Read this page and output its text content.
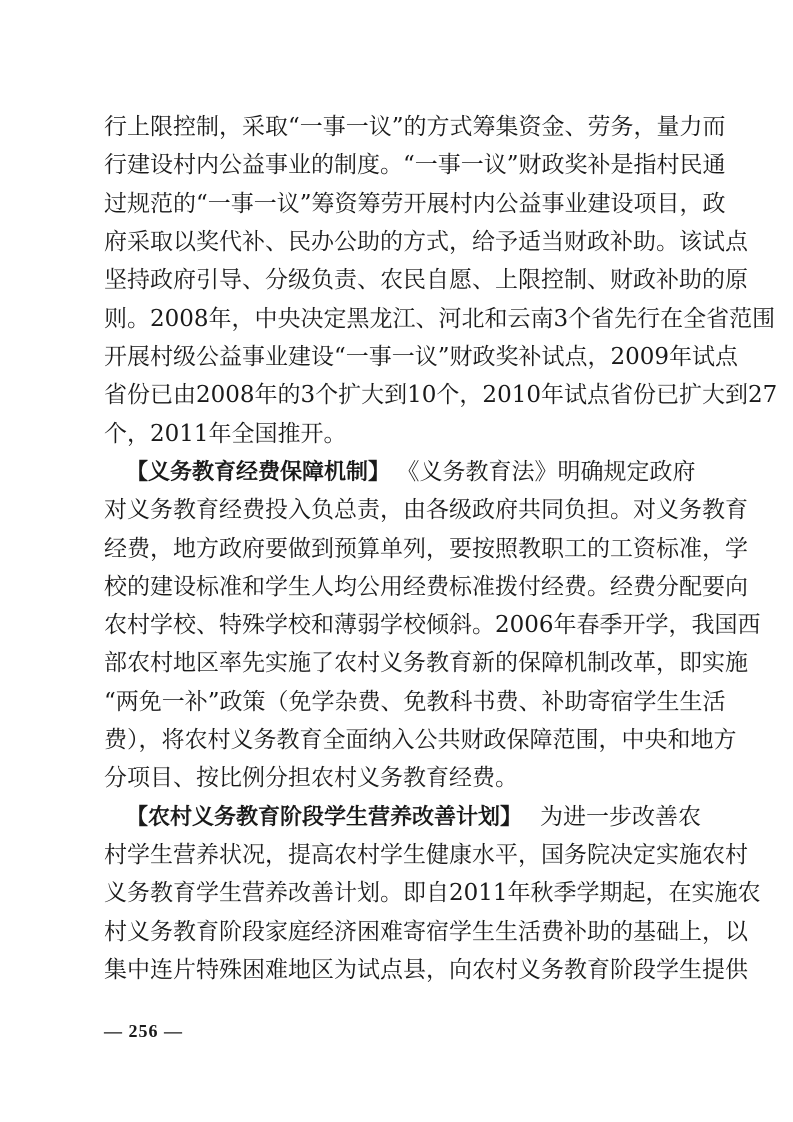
行上限控制，采取“一事一议”的方式筹集资金、劳务，量力而
行建设村内公益事业的制度。“一事一议”财政奖补是指村民通
过规范的“一事一议”筹资筹劳开展村内公益事业建设项目，政
府采取以奖代补、民办公助的方式，给予适当财政补助。该试点
坚持政府引导、分级负责、农民自愿、上限控制、财政补助的原
则。2008年，中央决定黑龙江、河北和云南3个省先行在全省范围
开展村级公益事业建设“一事一议”财政奖补试点，2009年试点
省份已由2008年的3个扩大到10个，2010年试点省份已扩大到27
个，2011年全国推开。
【义务教育经费保障机制】 《义务教育法》明确规定政府
对义务教育经费投入负总责，由各级政府共同负担。对义务教育
经费，地方政府要做到预算单列，要按照教职工的工资标准，学
校的建设标准和学生人均公用经费标准拨付经费。经费分配要向
农村学校、特殊学校和薄弱学校倾斜。2006年春季开学，我国西
部农村地区率先实施了农村义务教育新的保障机制改革，即实施
“两免一补”政策（免学杂费、免教科书费、补助寄宿学生生活
费），将农村义务教育全面纳入公共财政保障范围，中央和地方
分项目、按比例分担农村义务教育经费。
【农村义务教育阶段学生营养改善计划】 为进一步改善农
村学生营养状况，提高农村学生健康水平，国务院决定实施农村
义务教育学生营养改善计划。即自2011年秋季学期起，在实施农
村义务教育阶段家庭经济困难寄宿学生生活费补助的基础上，以
集中连片特殊困难地区为试点县，向农村义务教育阶段学生提供
— 256 —
